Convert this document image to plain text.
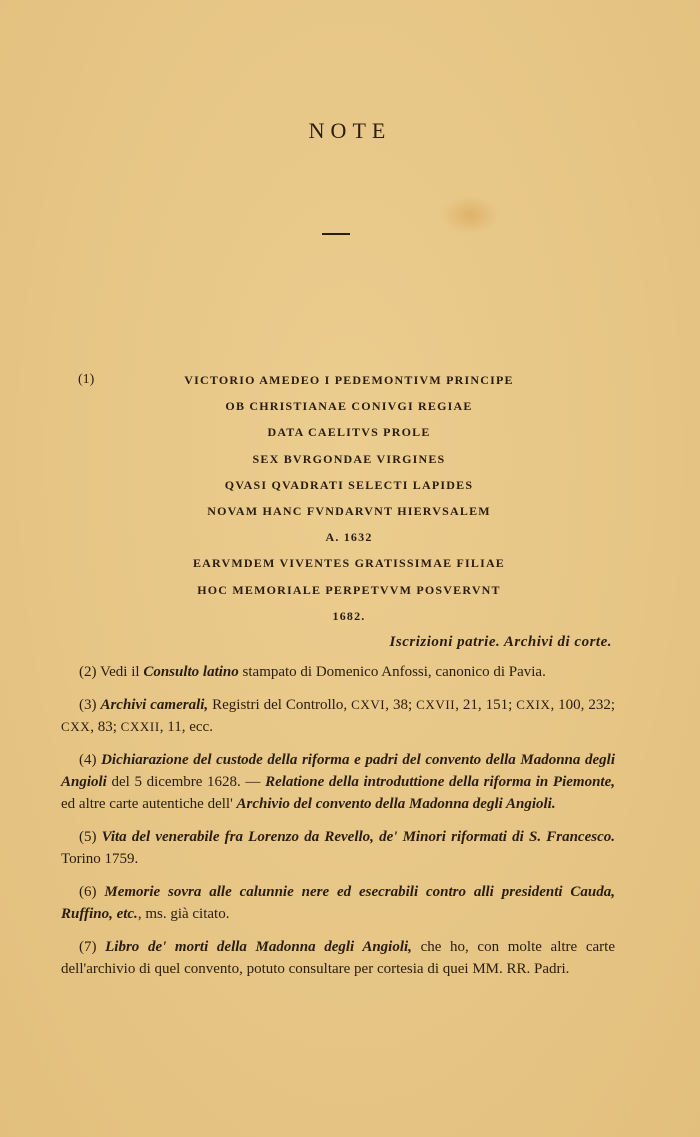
NOTE
(1)	VICTORIO AMEDEO I PEDEMONTIVM PRINCIPE
OB CHRISTIANAE CONIVGI REGIAE
DATA CAELITVS PROLE
SEX BVRGONDAE VIRGINES
QVASI QVADRATI SELECTI LAPIDES
NOVAM HANC FVNDARVNT HIERVSALEM
A. 1632
EARVMDEM VIVENTES GRATISSIMAE FILIAE
HOC MEMORIALE PERPETVVM POSVERVNT
1682.
Iscrizioni patrie. Archivi di corte.

(2) Vedi il Consulto latino stampato di Domenico Anfossi, canonico di Pavia.

(3) Archivi camerali, Registri del Controllo, CXVI, 38; CXVII, 21, 151; CXIX, 100, 232; CXX, 83; CXXII, 11, ecc.

(4) Dichiarazione del custode della riforma e padri del convento della Madonna degli Angioli del 5 dicembre 1628. — Relatione della introduttione della riforma in Piemonte, ed altre carte autentiche dell' Archivio del convento della Madonna degli Angioli.

(5) Vita del venerabile fra Lorenzo da Revello, de' Minori riformati di S. Francesco. Torino 1759.

(6) Memorie sovra alle calunnie nere ed esecrabili contro alli presidenti Cauda, Ruffino, etc., ms. già citato.

(7) Libro de' morti della Madonna degli Angioli, che ho, con molte altre carte dell'archivio di quel convento, potuto consultare per cortesia di quei MM. RR. Padri.
